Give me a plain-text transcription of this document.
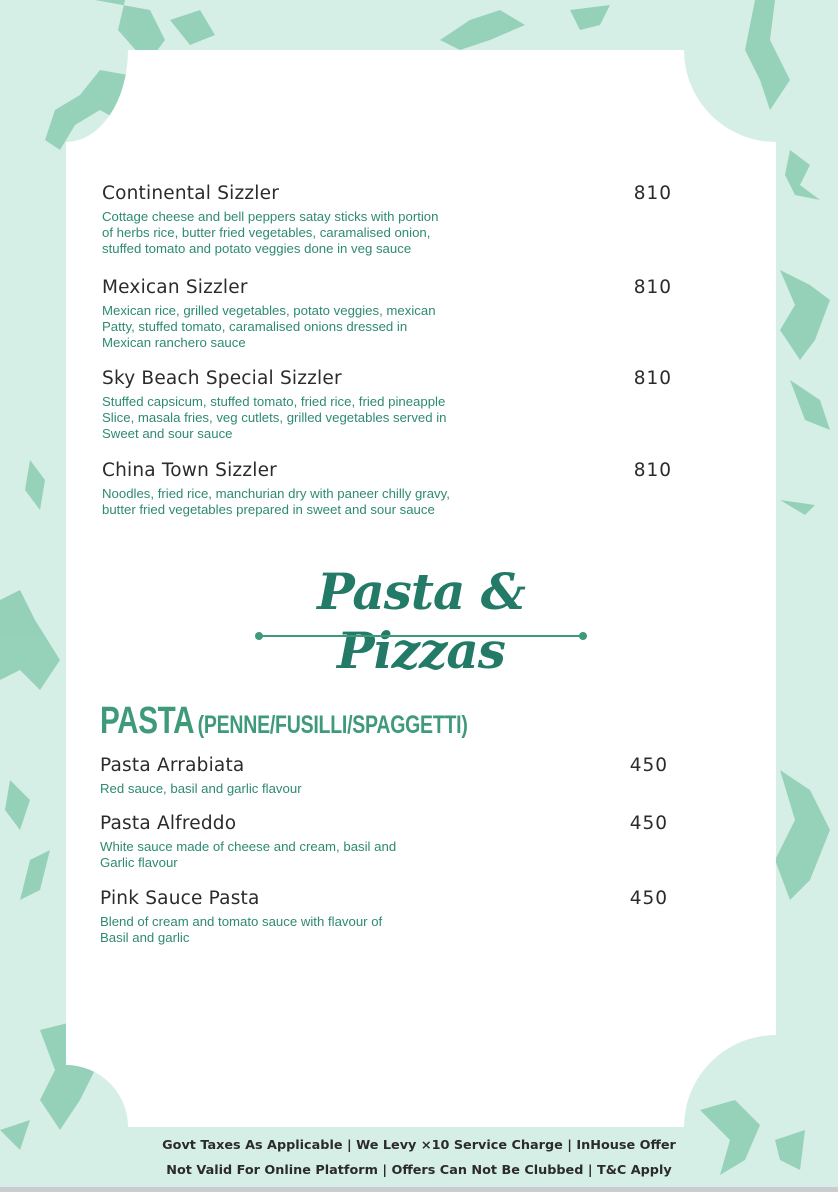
Continental Sizzler	810
Cottage cheese and bell peppers satay sticks with portion
of herbs rice, butter fried vegetables, caramalised onion,
stuffed tomato and potato veggies done in veg sauce
Mexican Sizzler	810
Mexican rice, grilled vegetables, potato veggies, mexican
Patty, stuffed tomato, caramalised onions dressed in
Mexican ranchero sauce
Sky Beach Special Sizzler	810
Stuffed capsicum, stuffed tomato, fried rice, fried pineapple
Slice, masala fries, veg cutlets, grilled vegetables served in
Sweet and sour sauce
China Town Sizzler	810
Noodles, fried rice, manchurian dry with paneer chilly gravy,
butter fried vegetables prepared in sweet and sour sauce
Pasta & Pizzas
PASTA (PENNE/FUSILLI/SPAGGETTI)
Pasta Arrabiata	450
Red sauce, basil and garlic flavour
Pasta Alfreddo	450
White sauce made of cheese and cream, basil and
Garlic flavour
Pink Sauce Pasta	450
Blend of cream and tomato sauce with flavour of
Basil and garlic
Govt Taxes As Applicable | We Levy ×10 Service Charge | InHouse Offer
Not Valid For Online Platform | Offers Can Not Be Clubbed | T&C Apply
